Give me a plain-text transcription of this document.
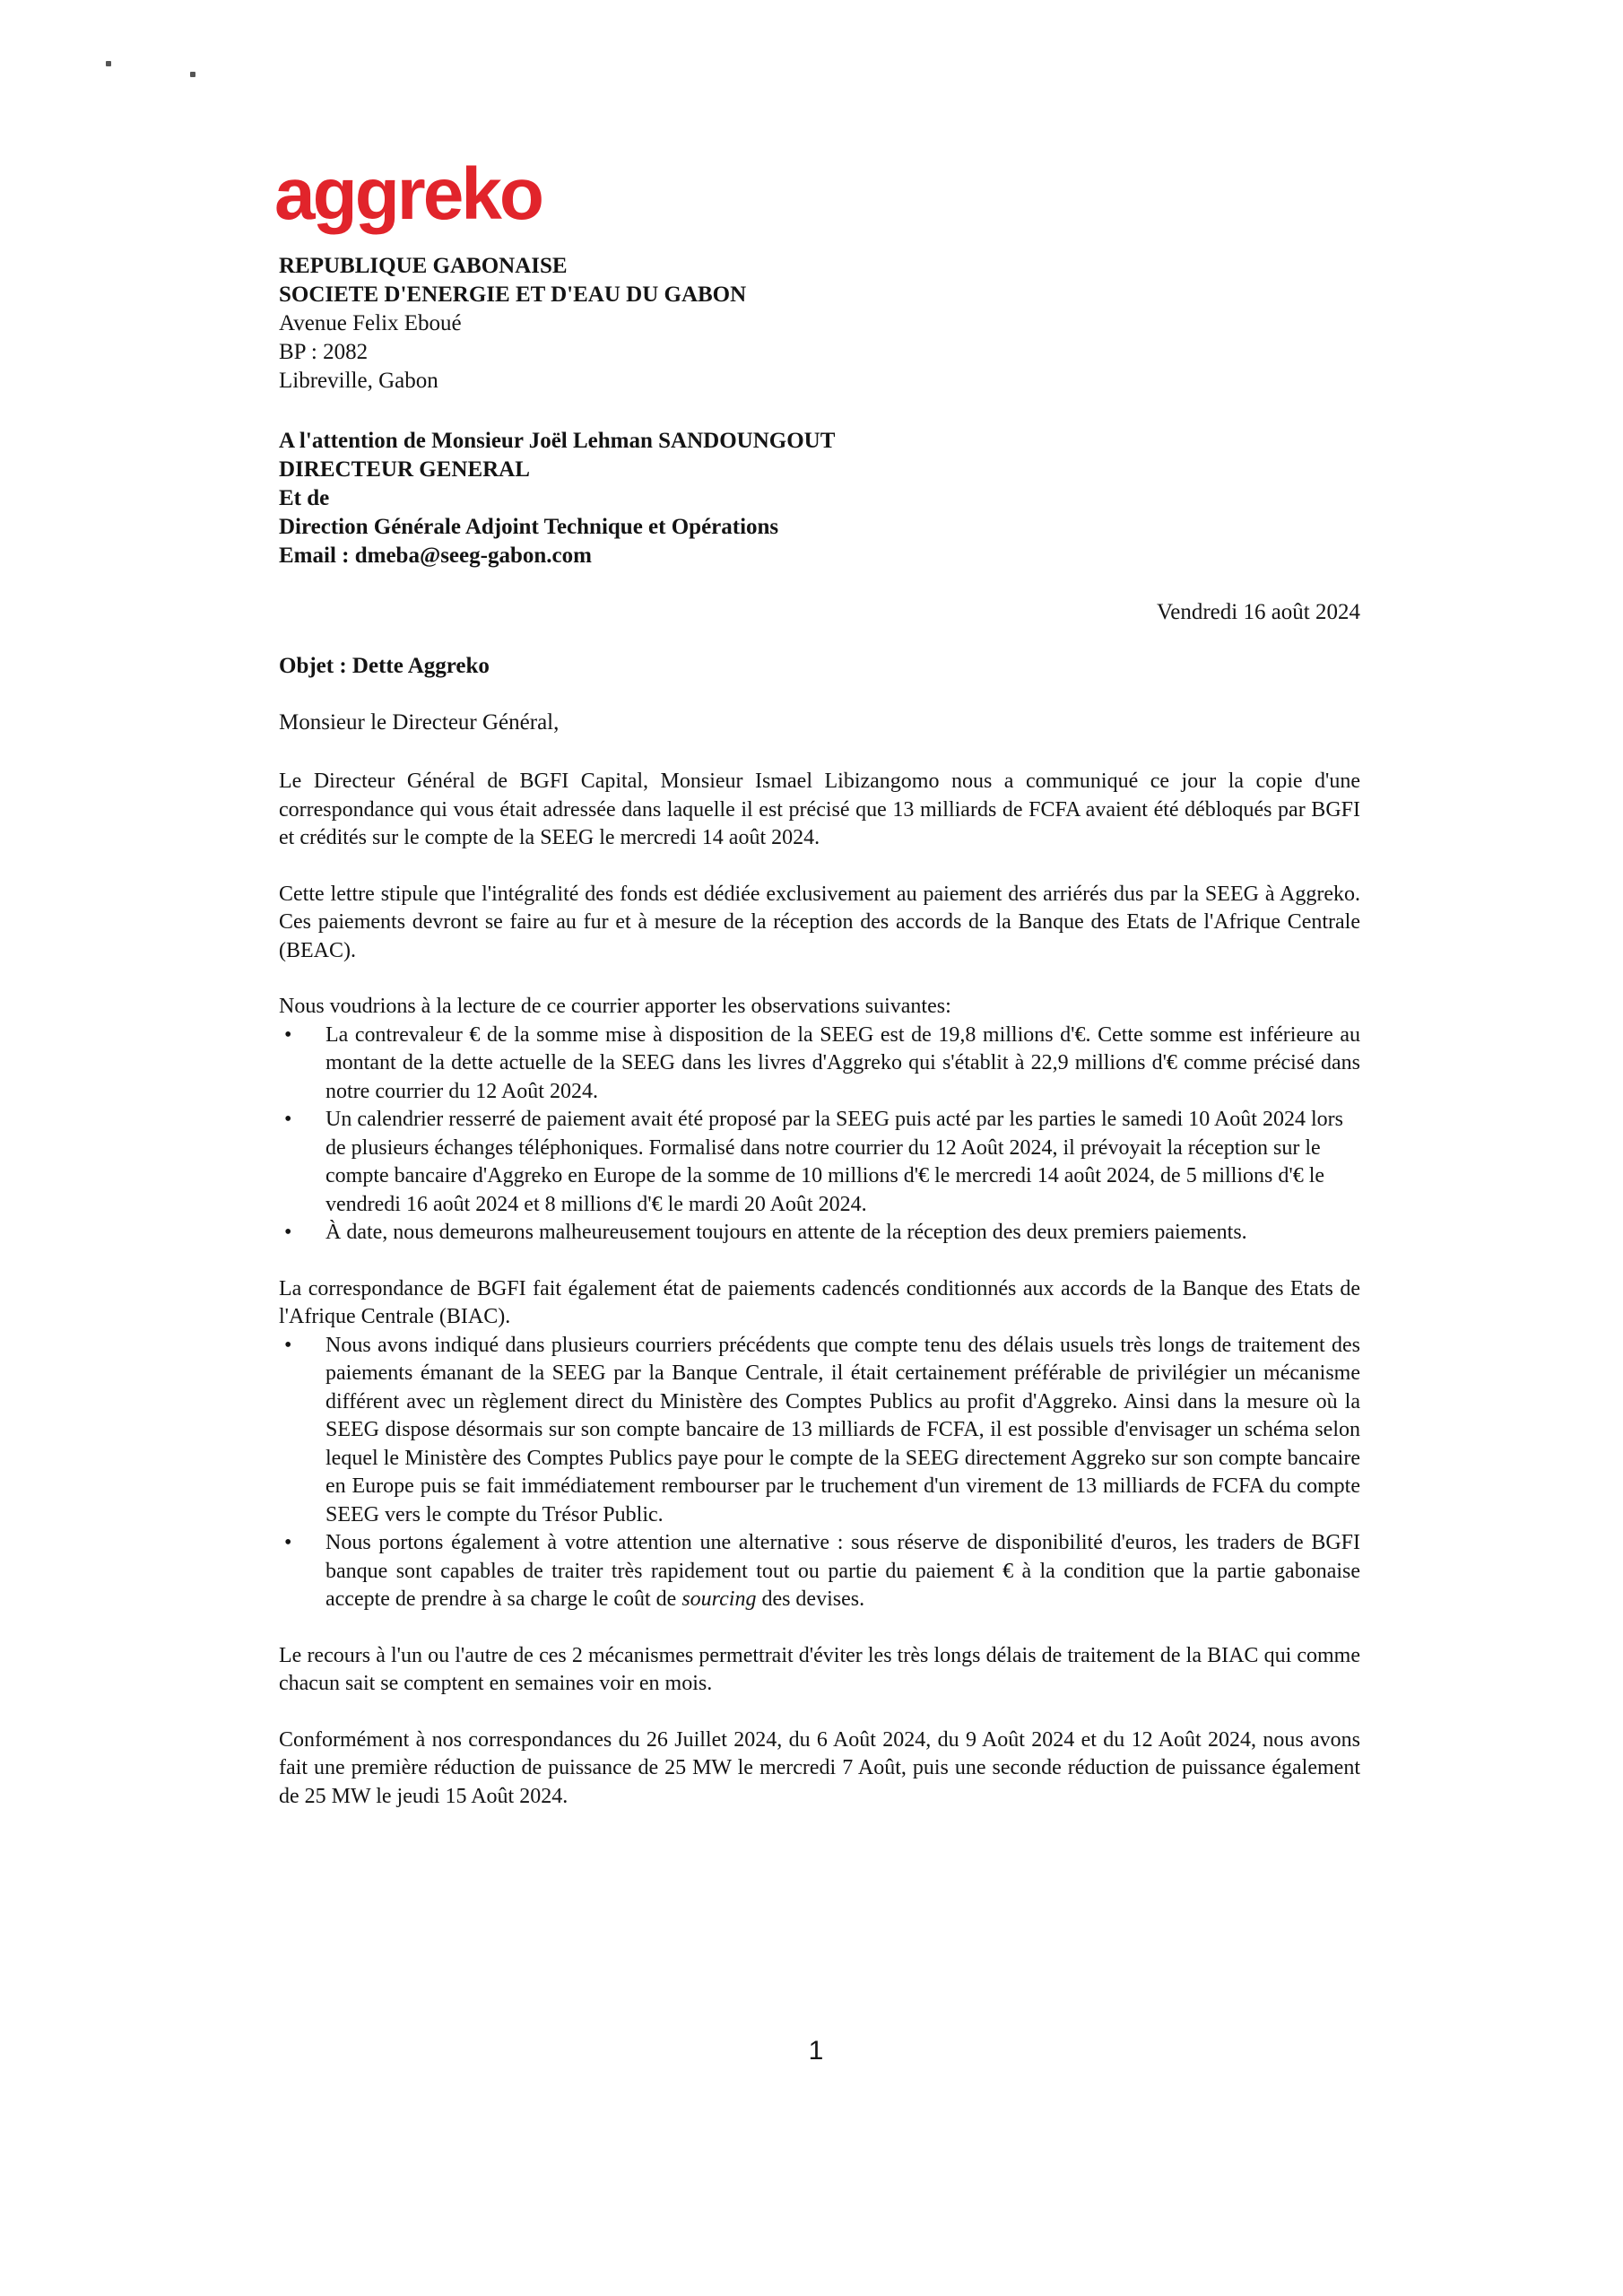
aggreko
REPUBLIQUE GABONAISE
SOCIETE D'ENERGIE ET D'EAU DU GABON
Avenue Felix Eboué
BP : 2082
Libreville, Gabon
A l'attention de Monsieur Joël Lehman SANDOUNGOUT
DIRECTEUR GENERAL
Et de
Direction Générale Adjoint Technique et Opérations
Email : dmeba@seeg-gabon.com

Vendredi 16 août 2024

Objet : Dette Aggreko

Monsieur le Directeur Général,

Le Directeur Général de BGFI Capital, Monsieur Ismael Libizangomo nous a communiqué ce jour la copie d'une correspondance qui vous était adressée dans laquelle il est précisé que 13 milliards de FCFA avaient été débloqués par BGFI et crédités sur le compte de la SEEG le mercredi 14 août 2024.

Cette lettre stipule que l'intégralité des fonds est dédiée exclusivement au paiement des arriérés dus par la SEEG à Aggreko. Ces paiements devront se faire au fur et à mesure de la réception des accords de la Banque des Etats de l'Afrique Centrale (BEAC).

Nous voudrions à la lecture de ce courrier apporter les observations suivantes:

• La contrevaleur € de la somme mise à disposition de la SEEG est de 19,8 millions d'€. Cette somme est inférieure au montant de la dette actuelle de la SEEG dans les livres d'Aggreko qui s'établit à 22,9 millions d'€ comme précisé dans notre courrier du 12 Août 2024.
• Un calendrier resserré de paiement avait été proposé par la SEEG puis acté par les parties le samedi 10 Août 2024 lors de plusieurs échanges téléphoniques. Formalisé dans notre courrier du 12 Août 2024, il prévoyait la réception sur le compte bancaire d'Aggreko en Europe de la somme de 10 millions d'€ le mercredi 14 août 2024, de 5 millions d'€ le vendredi 16 août 2024 et 8 millions d'€ le mardi 20 Août 2024.
• À date, nous demeurons malheureusement toujours en attente de la réception des deux premiers paiements.

La correspondance de BGFI fait également état de paiements cadencés conditionnés aux accords de la Banque des Etats de l'Afrique Centrale (BIAC).

• Nous avons indiqué dans plusieurs courriers précédents que compte tenu des délais usuels très longs de traitement des paiements émanant de la SEEG par la Banque Centrale, il était certainement préférable de privilégier un mécanisme différent avec un règlement direct du Ministère des Comptes Publics au profit d'Aggreko. Ainsi dans la mesure où la SEEG dispose désormais sur son compte bancaire de 13 milliards de FCFA, il est possible d'envisager un schéma selon lequel le Ministère des Comptes Publics paye pour le compte de la SEEG directement Aggreko sur son compte bancaire en Europe puis se fait immédiatement rembourser par le truchement d'un virement de 13 milliards de FCFA du compte SEEG vers le compte du Trésor Public.
• Nous portons également à votre attention une alternative : sous réserve de disponibilité d'euros, les traders de BGFI banque sont capables de traiter très rapidement tout ou partie du paiement € à la condition que la partie gabonaise accepte de prendre à sa charge le coût de sourcing des devises.

Le recours à l'un ou l'autre de ces 2 mécanismes permettrait d'éviter les très longs délais de traitement de la BIAC qui comme chacun sait se comptent en semaines voir en mois.

Conformément à nos correspondances du 26 Juillet 2024, du 6 Août 2024, du 9 Août 2024 et du 12 Août 2024, nous avons fait une première réduction de puissance de 25 MW le mercredi 7 Août, puis une seconde réduction de puissance également de 25 MW le jeudi 15 Août 2024.

1
